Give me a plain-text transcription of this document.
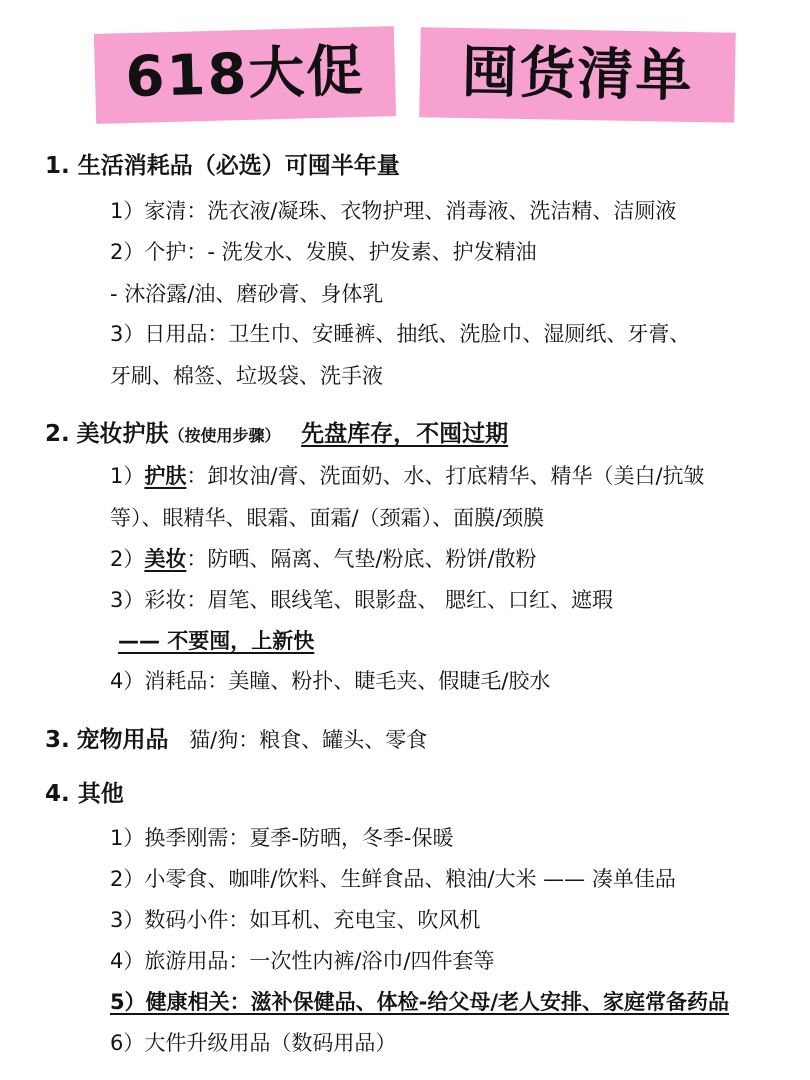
618大促	囤货清单
1. 生活消耗品（必选）可囤半年量
1）家清：洗衣液/凝珠、衣物护理、消毒液、洗洁精、洁厕液
2）个护：- 洗发水、发膜、护发素、护发精油
- 沐浴露/油、磨砂膏、身体乳
3）日用品：卫生巾、安睡裤、抽纸、洗脸巾、湿厕纸、牙膏、
牙刷、棉签、垃圾袋、洗手液
2. 美妆护肤（按使用步骤） 先盘库存，不囤过期
1）护肤：卸妆油/膏、洗面奶、水、打底精华、精华（美白/抗皱
等）、眼精华、眼霜、面霜/（颈霜）、面膜/颈膜
2）美妆：防晒、隔离、气垫/粉底、粉饼/散粉
3）彩妆：眉笔、眼线笔、眼影盘、 腮红、口红、遮瑕
—— 不要囤，上新快
4）消耗品：美瞳、粉扑、睫毛夹、假睫毛/胶水
3. 宠物用品 猫/狗：粮食、罐头、零食
4. 其他
1）换季刚需：夏季-防晒，冬季-保暖
2）小零食、咖啡/饮料、生鲜食品、粮油/大米 —— 凑单佳品
3）数码小件：如耳机、充电宝、吹风机
4）旅游用品：一次性内裤/浴巾/四件套等
5）健康相关：滋补保健品、体检-给父母/老人安排、家庭常备药品
6）大件升级用品（数码用品）
